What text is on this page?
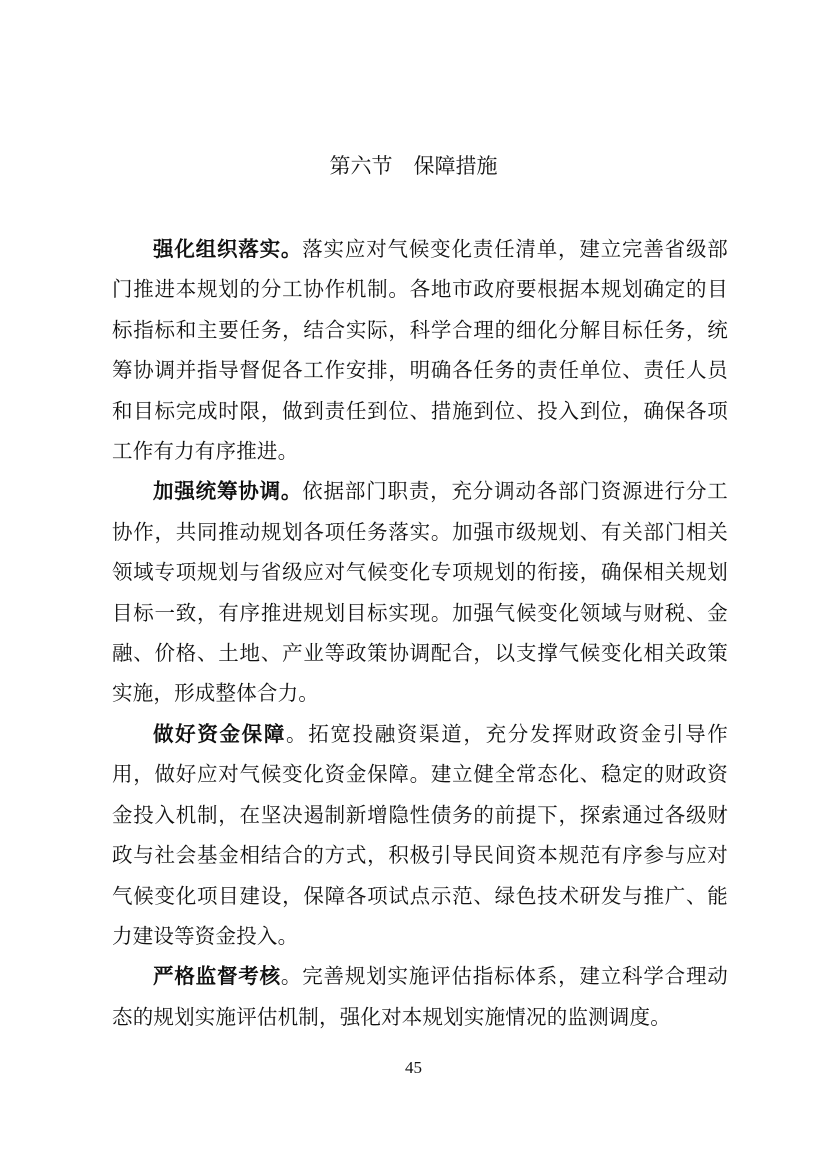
第六节　保障措施

强化组织落实。落实应对气候变化责任清单，建立完善省级部门推进本规划的分工协作机制。各地市政府要根据本规划确定的目标指标和主要任务，结合实际，科学合理的细化分解目标任务，统筹协调并指导督促各工作安排，明确各任务的责任单位、责任人员和目标完成时限，做到责任到位、措施到位、投入到位，确保各项工作有力有序推进。

加强统筹协调。依据部门职责，充分调动各部门资源进行分工协作，共同推动规划各项任务落实。加强市级规划、有关部门相关领域专项规划与省级应对气候变化专项规划的衔接，确保相关规划目标一致，有序推进规划目标实现。加强气候变化领域与财税、金融、价格、土地、产业等政策协调配合，以支撑气候变化相关政策实施，形成整体合力。

做好资金保障。拓宽投融资渠道，充分发挥财政资金引导作用，做好应对气候变化资金保障。建立健全常态化、稳定的财政资金投入机制，在坚决遏制新增隐性债务的前提下，探索通过各级财政与社会基金相结合的方式，积极引导民间资本规范有序参与应对气候变化项目建设，保障各项试点示范、绿色技术研发与推广、能力建设等资金投入。

严格监督考核。完善规划实施评估指标体系，建立科学合理动态的规划实施评估机制，强化对本规划实施情况的监测调度。

45
